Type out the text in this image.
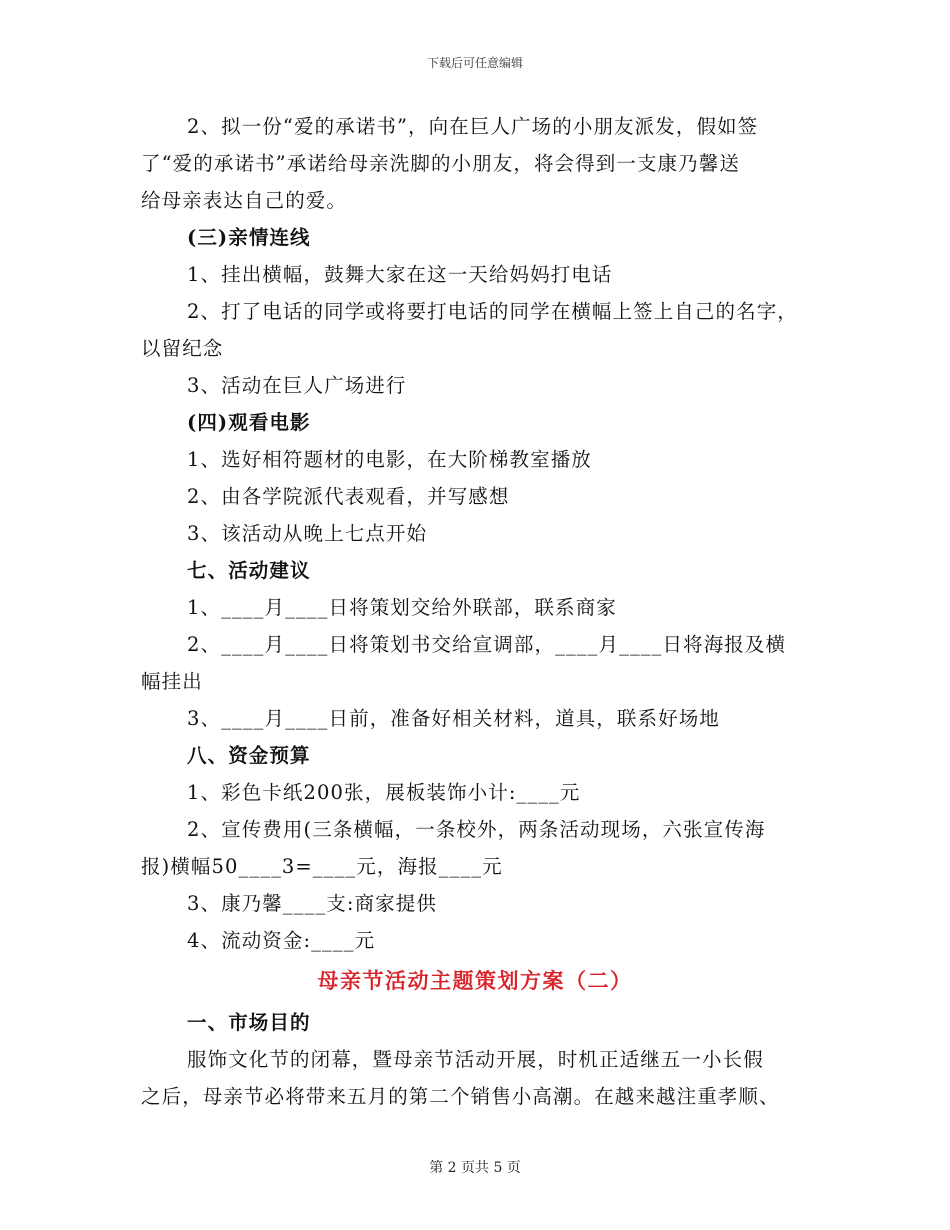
下载后可任意编辑
2、拟一份“爱的承诺书”，向在巨人广场的小朋友派发，假如签
了“爱的承诺书”承诺给母亲洗脚的小朋友，将会得到一支康乃馨送
给母亲表达自己的爱。
(三)亲情连线
1、挂出横幅，鼓舞大家在这一天给妈妈打电话
2、打了电话的同学或将要打电话的同学在横幅上签上自己的名字，
以留纪念
3、活动在巨人广场进行
(四)观看电影
1、选好相符题材的电影，在大阶梯教室播放
2、由各学院派代表观看，并写感想
3、该活动从晚上七点开始
七、活动建议
1、____月____日将策划交给外联部，联系商家
2、____月____日将策划书交给宣调部，____月____日将海报及横
幅挂出
3、____月____日前，准备好相关材料，道具，联系好场地
八、资金预算
1、彩色卡纸200张，展板装饰小计:____元
2、宣传费用(三条横幅，一条校外，两条活动现场，六张宣传海
报)横幅50____3=____元，海报____元
3、康乃馨____支:商家提供
4、流动资金:____元
母亲节活动主题策划方案（二）
一、市场目的
服饰文化节的闭幕，暨母亲节活动开展，时机正适继五一小长假
之后，母亲节必将带来五月的第二个销售小高潮。在越来越注重孝顺、
第 2 页共 5 页
